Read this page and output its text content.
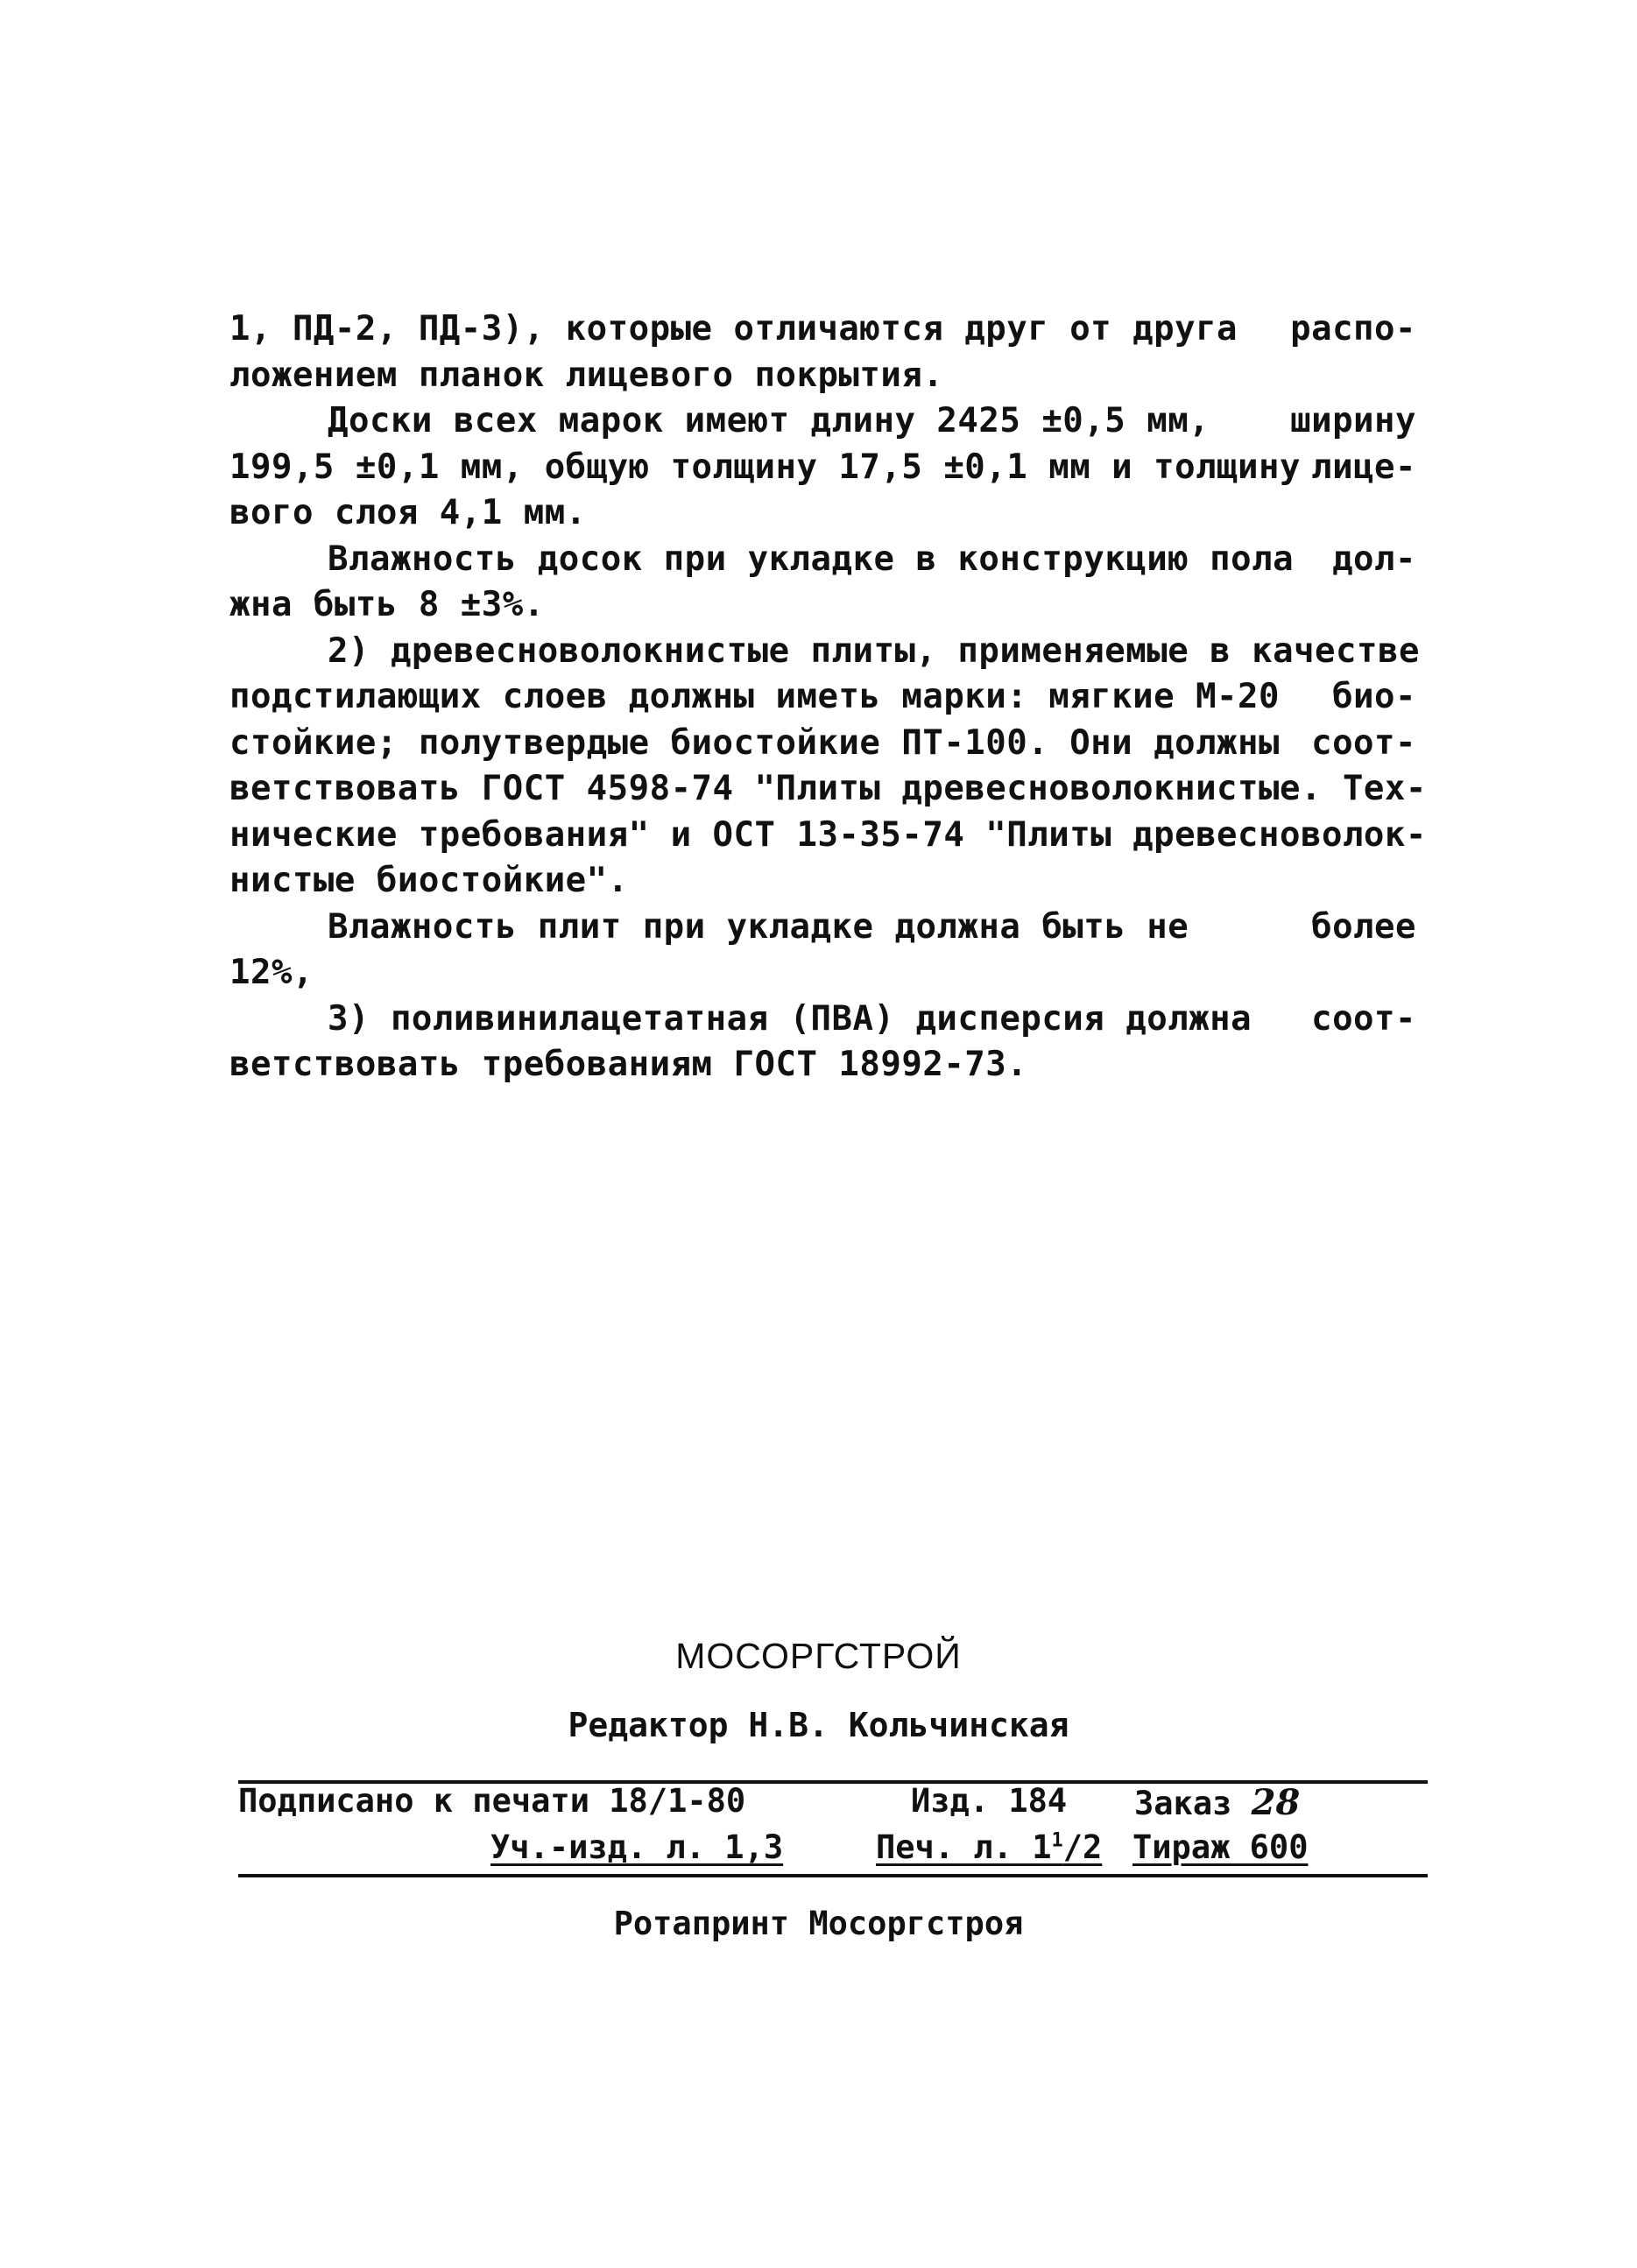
1, ПД-2, ПД-3), которые отличаются друг от друга распо-
ложением планок лицевого покрытия.
Доски всех марок имеют длину 2425 ±0,5 мм, ширину
199,5 ±0,1 мм, общую толщину 17,5 ±0,1 мм и толщину лице-
вого слоя 4,1 мм.
Влажность досок при укладке в конструкцию пола дол-
жна быть 8 ±3%.
2) древесноволокнистые плиты, применяемые в качестве
подстилающих слоев должны иметь марки: мягкие М-20 био-
стойкие; полутвердые биостойкие ПТ-100. Они должны соот-
ветствовать ГОСТ 4598-74 "Плиты древесноволокнистые. Тех-
нические требования" и ОСТ 13-35-74 "Плиты древесноволок-
нистые биостойкие".
Влажность плит при укладке должна быть не	более
12%,
3) поливинилацетатная (ПВА) дисперсия должна соот-
ветствовать требованиям ГОСТ 18992-73.
МОСОРГСТРОЙ
Редактор Н.В. Кольчинская
Подписано к печати 18/1-80	Изд. 184 Заказ 28
Уч.-изд. л. 1,3	Печ. л. $1^1/2$ Тираж 600
Ротапринт Мосоргстроя
